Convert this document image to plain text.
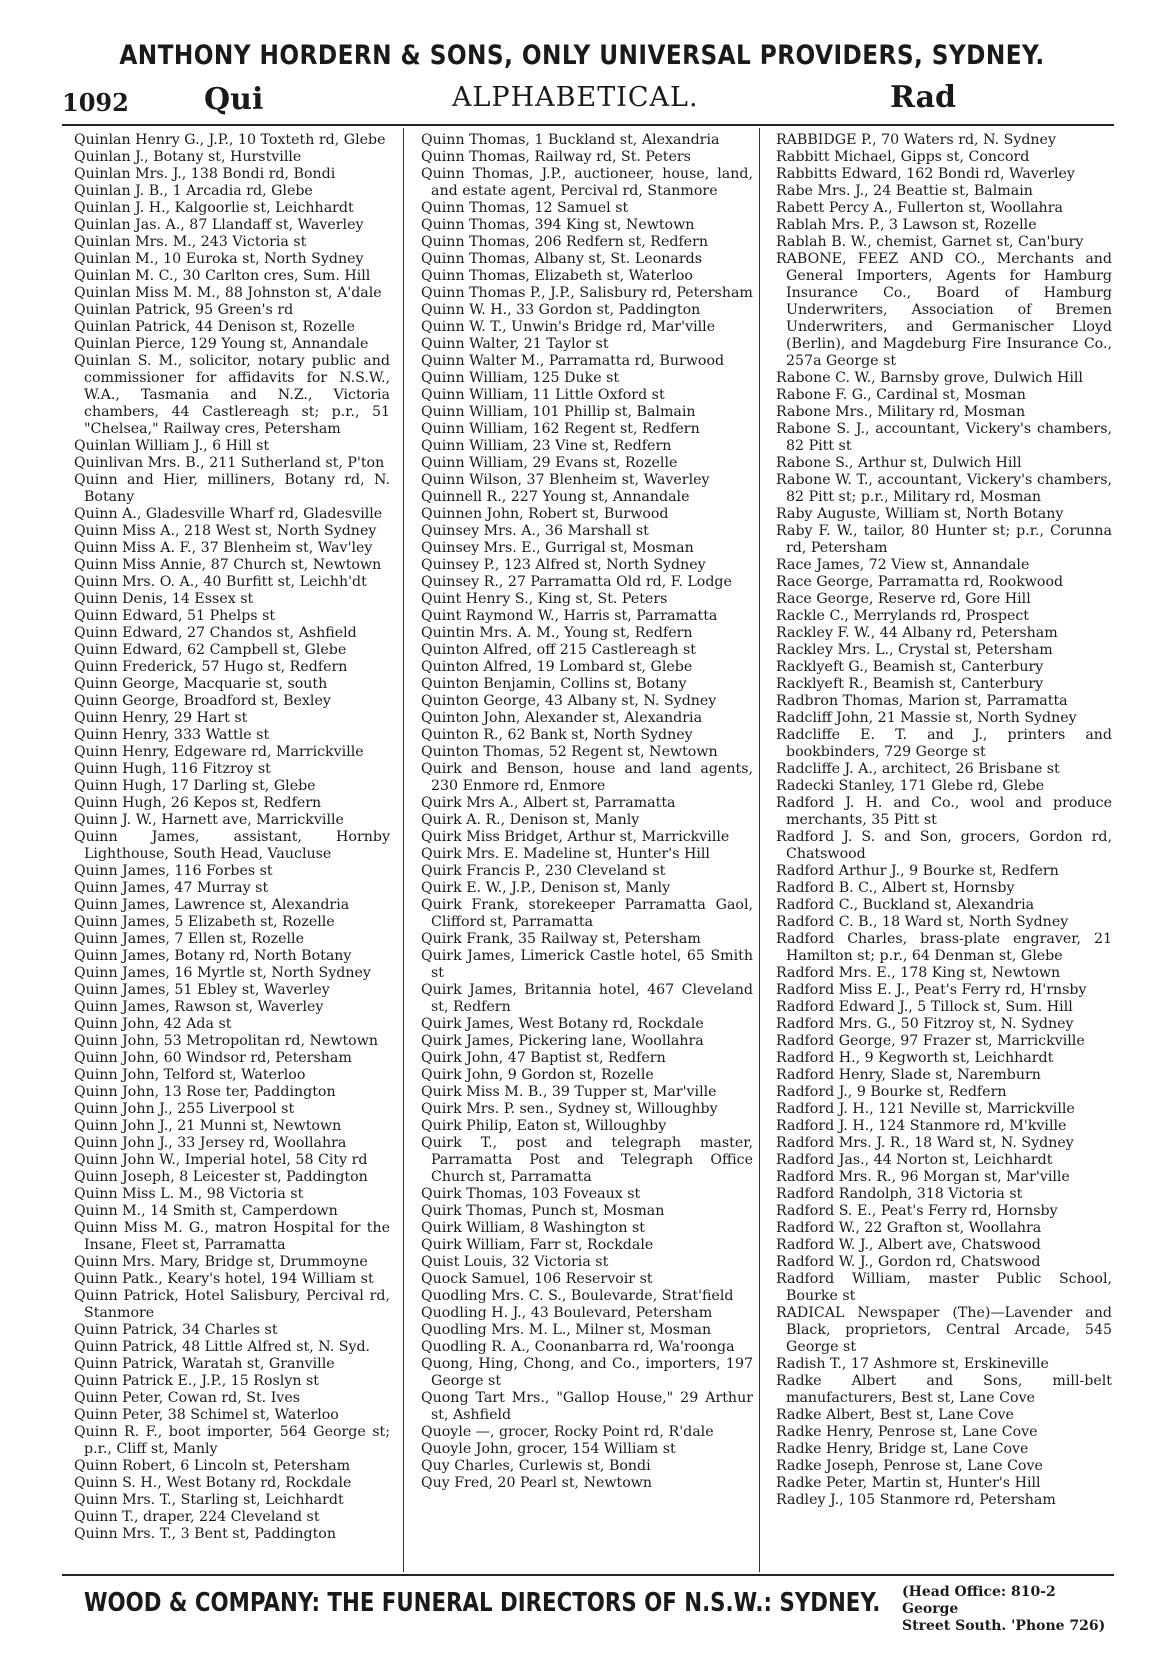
ANTHONY HORDERN & SONS, ONLY UNIVERSAL PROVIDERS, SYDNEY.
1092	Qui	ALPHABETICAL.	Rad

Quinlan Henry G., J.P., 10 Toxteth rd, Glebe

Quinlan J., Botany st, Hurstville

Quinlan Mrs. J., 138 Bondi rd, Bondi

Quinlan J. B., 1 Arcadia rd, Glebe

Quinlan J. H., Kalgoorlie st, Leichhardt

Quinlan Jas. A., 87 Llandaff st, Waverley

Quinlan Mrs. M., 243 Victoria st

Quinlan M., 10 Euroka st, North Sydney

Quinlan M. C., 30 Carlton cres, Sum. Hill

Quinlan Miss M. M., 88 Johnston st, A'dale

Quinlan Patrick, 95 Green's rd

Quinlan Patrick, 44 Denison st, Rozelle

Quinlan Pierce, 129 Young st, Annandale

Quinlan S. M., solicitor, notary public and commissioner for affidavits for N.S.W., W.A., Tasmania and N.Z., Victoria chambers, 44 Castlereagh st; p.r., 51 "Chelsea," Railway cres, Petersham

Quinlan William J., 6 Hill st

Quinlivan Mrs. B., 211 Sutherland st, P'ton

Quinn and Hier, milliners, Botany rd, N. Botany

Quinn A., Gladesville Wharf rd, Gladesville

Quinn Miss A., 218 West st, North Sydney

Quinn Miss A. F., 37 Blenheim st, Wav'ley

Quinn Miss Annie, 87 Church st, Newtown

Quinn Mrs. O. A., 40 Burfitt st, Leichh'dt

Quinn Denis, 14 Essex st

Quinn Edward, 51 Phelps st

Quinn Edward, 27 Chandos st, Ashfield

Quinn Edward, 62 Campbell st, Glebe

Quinn Frederick, 57 Hugo st, Redfern

Quinn George, Macquarie st, south

Quinn George, Broadford st, Bexley

Quinn Henry, 29 Hart st

Quinn Henry, 333 Wattle st

Quinn Henry, Edgeware rd, Marrickville

Quinn Hugh, 116 Fitzroy st

Quinn Hugh, 17 Darling st, Glebe

Quinn Hugh, 26 Kepos st, Redfern

Quinn J. W., Harnett ave, Marrickville

Quinn James, assistant, Hornby Lighthouse, South Head, Vaucluse

Quinn James, 116 Forbes st

Quinn James, 47 Murray st

Quinn James, Lawrence st, Alexandria

Quinn James, 5 Elizabeth st, Rozelle

Quinn James, 7 Ellen st, Rozelle

Quinn James, Botany rd, North Botany

Quinn James, 16 Myrtle st, North Sydney

Quinn James, 51 Ebley st, Waverley

Quinn James, Rawson st, Waverley

Quinn John, 42 Ada st

Quinn John, 53 Metropolitan rd, Newtown

Quinn John, 60 Windsor rd, Petersham

Quinn John, Telford st, Waterloo

Quinn John, 13 Rose ter, Paddington

Quinn John J., 255 Liverpool st

Quinn John J., 21 Munni st, Newtown

Quinn John J., 33 Jersey rd, Woollahra

Quinn John W., Imperial hotel, 58 City rd

Quinn Joseph, 8 Leicester st, Paddington

Quinn Miss L. M., 98 Victoria st

Quinn M., 14 Smith st, Camperdown

Quinn Miss M. G., matron Hospital for the Insane, Fleet st, Parramatta

Quinn Mrs. Mary, Bridge st, Drummoyne

Quinn Patk., Keary's hotel, 194 William st

Quinn Patrick, Hotel Salisbury, Percival rd, Stanmore

Quinn Patrick, 34 Charles st

Quinn Patrick, 48 Little Alfred st, N. Syd.

Quinn Patrick, Waratah st, Granville

Quinn Patrick E., J.P., 15 Roslyn st

Quinn Peter, Cowan rd, St. Ives

Quinn Peter, 38 Schimel st, Waterloo

Quinn R. F., boot importer, 564 George st; p.r., Cliff st, Manly

Quinn Robert, 6 Lincoln st, Petersham

Quinn S. H., West Botany rd, Rockdale

Quinn Mrs. T., Starling st, Leichhardt

Quinn T., draper, 224 Cleveland st

Quinn Mrs. T., 3 Bent st, Paddington

Quinn Thomas, 1 Buckland st, Alexandria

Quinn Thomas, Railway rd, St. Peters

Quinn Thomas, J.P., auctioneer, house, land, and estate agent, Percival rd, Stanmore

Quinn Thomas, 12 Samuel st

Quinn Thomas, 394 King st, Newtown

Quinn Thomas, 206 Redfern st, Redfern

Quinn Thomas, Albany st, St. Leonards

Quinn Thomas, Elizabeth st, Waterloo

Quinn Thomas P., J.P., Salisbury rd, Petersham

Quinn W. H., 33 Gordon st, Paddington

Quinn W. T., Unwin's Bridge rd, Mar'ville

Quinn Walter, 21 Taylor st

Quinn Walter M., Parramatta rd, Burwood

Quinn William, 125 Duke st

Quinn William, 11 Little Oxford st

Quinn William, 101 Phillip st, Balmain

Quinn William, 162 Regent st, Redfern

Quinn William, 23 Vine st, Redfern

Quinn William, 29 Evans st, Rozelle

Quinn Wilson, 37 Blenheim st, Waverley

Quinnell R., 227 Young st, Annandale

Quinnen John, Robert st, Burwood

Quinsey Mrs. A., 36 Marshall st

Quinsey Mrs. E., Gurrigal st, Mosman

Quinsey P., 123 Alfred st, North Sydney

Quinsey R., 27 Parramatta Old rd, F. Lodge

Quint Henry S., King st, St. Peters

Quint Raymond W., Harris st, Parramatta

Quintin Mrs. A. M., Young st, Redfern

Quinton Alfred, off 215 Castlereagh st

Quinton Alfred, 19 Lombard st, Glebe

Quinton Benjamin, Collins st, Botany

Quinton George, 43 Albany st, N. Sydney

Quinton John, Alexander st, Alexandria

Quinton R., 62 Bank st, North Sydney

Quinton Thomas, 52 Regent st, Newtown

Quirk and Benson, house and land agents, 230 Enmore rd, Enmore

Quirk Mrs A., Albert st, Parramatta

Quirk A. R., Denison st, Manly

Quirk Miss Bridget, Arthur st, Marrickville

Quirk Mrs. E. Madeline st, Hunter's Hill

Quirk Francis P., 230 Cleveland st

Quirk E. W., J.P., Denison st, Manly

Quirk Frank, storekeeper Parramatta Gaol, Clifford st, Parramatta

Quirk Frank, 35 Railway st, Petersham

Quirk James, Limerick Castle hotel, 65 Smith st

Quirk James, Britannia hotel, 467 Cleveland st, Redfern

Quirk James, West Botany rd, Rockdale

Quirk James, Pickering lane, Woollahra

Quirk John, 47 Baptist st, Redfern

Quirk John, 9 Gordon st, Rozelle

Quirk Miss M. B., 39 Tupper st, Mar'ville

Quirk Mrs. P. sen., Sydney st, Willoughby

Quirk Philip, Eaton st, Willoughby

Quirk T., post and telegraph master, Parramatta Post and Telegraph Office Church st, Parramatta

Quirk Thomas, 103 Foveaux st

Quirk Thomas, Punch st, Mosman

Quirk William, 8 Washington st

Quirk William, Farr st, Rockdale

Quist Louis, 32 Victoria st

Quock Samuel, 106 Reservoir st

Quodling Mrs. C. S., Boulevarde, Strat'field

Quodling H. J., 43 Boulevard, Petersham

Quodling Mrs. M. L., Milner st, Mosman

Quodling R. A., Coonanbarra rd, Wa'roonga

Quong, Hing, Chong, and Co., importers, 197 George st

Quong Tart Mrs., "Gallop House," 29 Arthur st, Ashfield

Quoyle —, grocer, Rocky Point rd, R'dale

Quoyle John, grocer, 154 William st

Quy Charles, Curlewis st, Bondi

Quy Fred, 20 Pearl st, Newtown

RABBIDGE P., 70 Waters rd, N. Sydney

Rabbitt Michael, Gipps st, Concord

Rabbitts Edward, 162 Bondi rd, Waverley

Rabe Mrs. J., 24 Beattie st, Balmain

Rabett Percy A., Fullerton st, Woollahra

Rablah Mrs. P., 3 Lawson st, Rozelle

Rablah B. W., chemist, Garnet st, Can'bury

RABONE, FEEZ AND CO., Merchants and General Importers, Agents for Hamburg Insurance Co., Board of Hamburg Underwriters, Association of Bremen Underwriters, and Germanischer Lloyd (Berlin), and Magdeburg Fire Insurance Co., 257a George st

Rabone C. W., Barnsby grove, Dulwich Hill

Rabone F. G., Cardinal st, Mosman

Rabone Mrs., Military rd, Mosman

Rabone S. J., accountant, Vickery's chambers, 82 Pitt st

Rabone S., Arthur st, Dulwich Hill

Rabone W. T., accountant, Vickery's chambers, 82 Pitt st; p.r., Military rd, Mosman

Raby Auguste, William st, North Botany

Raby F. W., tailor, 80 Hunter st; p.r., Corunna rd, Petersham

Race James, 72 View st, Annandale

Race George, Parramatta rd, Rookwood

Race George, Reserve rd, Gore Hill

Rackle C., Merrylands rd, Prospect

Rackley F. W., 44 Albany rd, Petersham

Rackley Mrs. L., Crystal st, Petersham

Racklyeft G., Beamish st, Canterbury

Racklyeft R., Beamish st, Canterbury

Radbron Thomas, Marion st, Parramatta

Radcliff John, 21 Massie st, North Sydney

Radcliffe E. T. and J., printers and bookbinders, 729 George st

Radcliffe J. A., architect, 26 Brisbane st

Radecki Stanley, 171 Glebe rd, Glebe

Radford J. H. and Co., wool and produce merchants, 35 Pitt st

Radford J. S. and Son, grocers, Gordon rd, Chatswood

Radford Arthur J., 9 Bourke st, Redfern

Radford B. C., Albert st, Hornsby

Radford C., Buckland st, Alexandria

Radford C. B., 18 Ward st, North Sydney

Radford Charles, brass-plate engraver, 21 Hamilton st; p.r., 64 Denman st, Glebe

Radford Mrs. E., 178 King st, Newtown

Radford Miss E. J., Peat's Ferry rd, H'rnsby

Radford Edward J., 5 Tillock st, Sum. Hill

Radford Mrs. G., 50 Fitzroy st, N. Sydney

Radford George, 97 Frazer st, Marrickville

Radford H., 9 Kegworth st, Leichhardt

Radford Henry, Slade st, Naremburn

Radford J., 9 Bourke st, Redfern

Radford J. H., 121 Neville st, Marrickville

Radford J. H., 124 Stanmore rd, M'kville

Radford Mrs. J. R., 18 Ward st, N. Sydney

Radford Jas., 44 Norton st, Leichhardt

Radford Mrs. R., 96 Morgan st, Mar'ville

Radford Randolph, 318 Victoria st

Radford S. E., Peat's Ferry rd, Hornsby

Radford W., 22 Grafton st, Woollahra

Radford W. J., Albert ave, Chatswood

Radford W. J., Gordon rd, Chatswood

Radford William, master Public School, Bourke st

RADICAL Newspaper (The)—Lavender and Black, proprietors, Central Arcade, 545 George st

Radish T., 17 Ashmore st, Erskineville

Radke Albert and Sons, mill-belt manufacturers, Best st, Lane Cove

Radke Albert, Best st, Lane Cove

Radke Henry, Penrose st, Lane Cove

Radke Henry, Bridge st, Lane Cove

Radke Joseph, Penrose st, Lane Cove

Radke Peter, Martin st, Hunter's Hill

Radley J., 105 Stanmore rd, Petersham

WOOD & COMPANY: THE FUNERAL DIRECTORS OF N.S.W.: SYDNEY. (Head Office: 810-2 George
Street South. 'Phone 726)
